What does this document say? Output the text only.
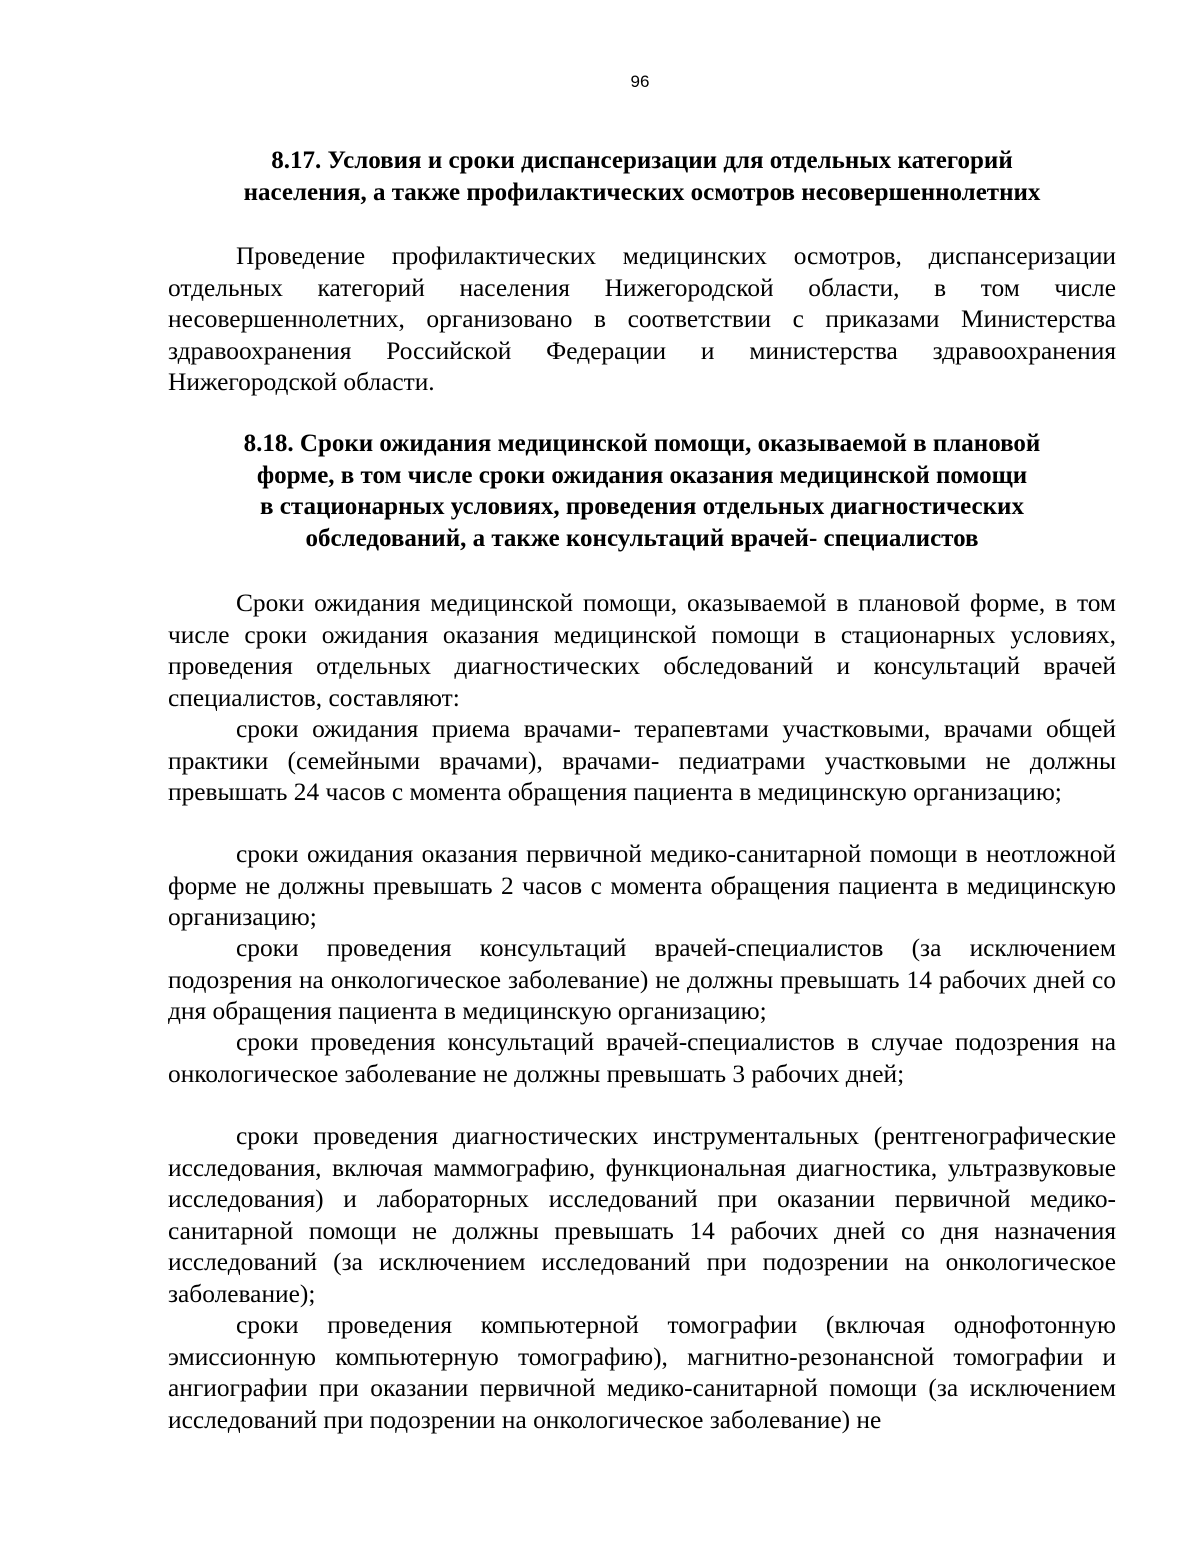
96
8.17. Условия и сроки диспансеризации для отдельных категорий
населения, а также профилактических осмотров несовершеннолетних

Проведение профилактических медицинских осмотров, диспансеризации отдельных категорий населения Нижегородской области, в том числе несовершеннолетних, организовано в соответствии с приказами Министерства здравоохранения Российской Федерации и министерства здравоохранения Нижегородской области.

8.18. Сроки ожидания медицинской помощи, оказываемой в плановой
форме, в том числе сроки ожидания оказания медицинской помощи
в стационарных условиях, проведения отдельных диагностических
обследований, а также консультаций врачей- специалистов

Сроки ожидания медицинской помощи, оказываемой в плановой форме, в том числе сроки ожидания оказания медицинской помощи в стационарных условиях, проведения отдельных диагностических обследований и консультаций врачей специалистов, составляют:

сроки ожидания приема врачами- терапевтами участковыми, врачами общей практики (семейными врачами), врачами- педиатрами участковыми не должны превышать 24 часов с момента обращения пациента в медицинскую организацию;

сроки ожидания оказания первичной медико-санитарной помощи в неотложной форме не должны превышать 2 часов с момента обращения пациента в медицинскую организацию;

сроки проведения консультаций врачей-специалистов (за исключением подозрения на онкологическое заболевание) не должны превышать 14 рабочих дней со дня обращения пациента в медицинскую организацию;

сроки проведения консультаций врачей-специалистов в случае подозрения на онкологическое заболевание не должны превышать 3 рабочих дней;

сроки проведения диагностических инструментальных (рентгенографические исследования, включая маммографию, функциональная диагностика, ультразвуковые исследования) и лабораторных исследований при оказании первичной медико-санитарной помощи не должны превышать 14 рабочих дней со дня назначения исследований (за исключением исследований при подозрении на онкологическое заболевание);

сроки проведения компьютерной томографии (включая однофотонную эмиссионную компьютерную томографию), магнитно-резонансной томографии и ангиографии при оказании первичной медико-санитарной помощи (за исключением исследований при подозрении на онкологическое заболевание) не
